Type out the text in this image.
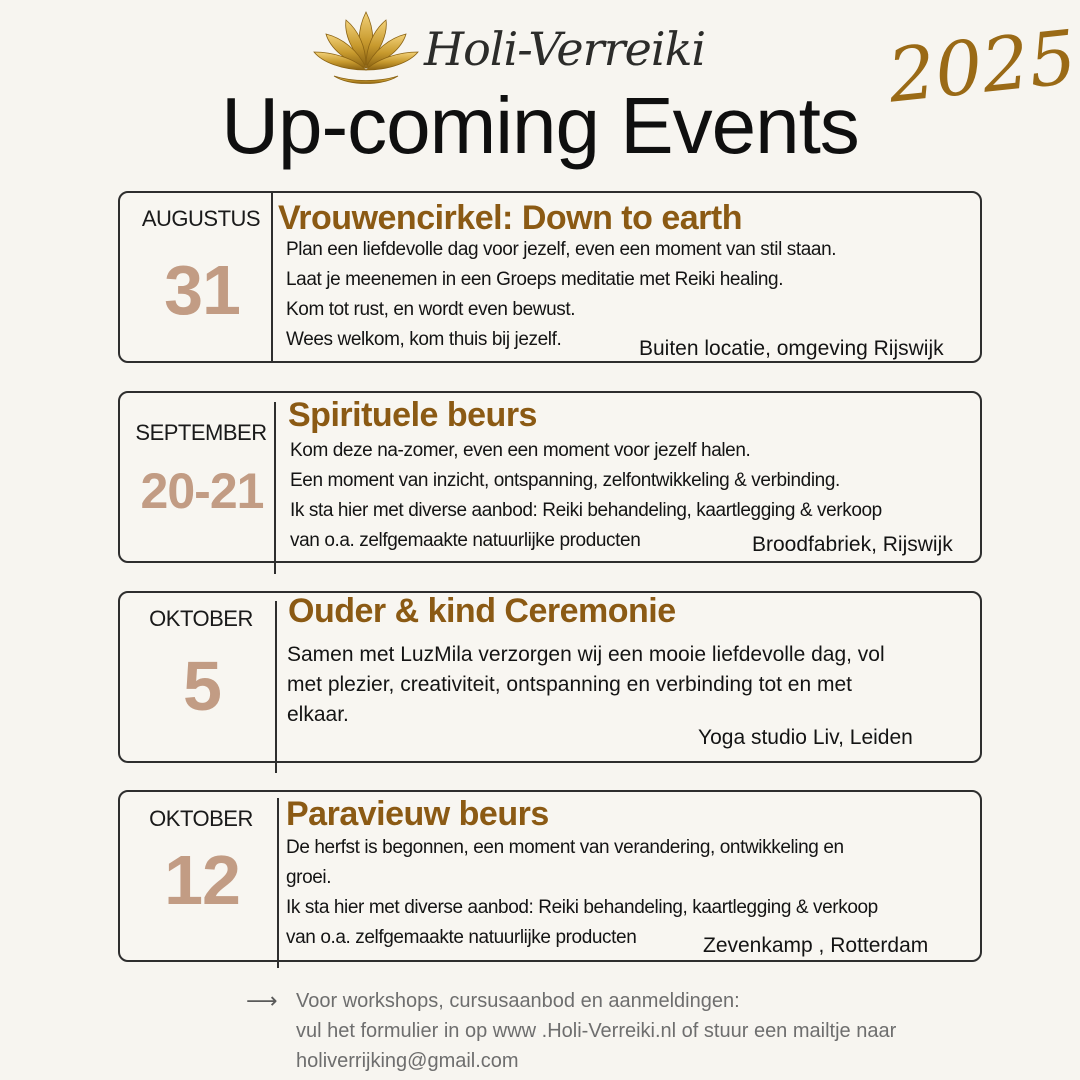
Holi-Verreiki 2025
Up-coming Events
AUGUSTUS
31
Vrouwencirkel: Down to earth
Plan een liefdevolle dag voor jezelf, even een moment van stil staan.
Laat je meenemen in een Groeps meditatie met Reiki healing.
Kom tot rust, en wordt even bewust.
Wees welkom, kom thuis bij jezelf.	Buiten locatie, omgeving Rijswijk
SEPTEMBER
20-21
Spirituele beurs
Kom deze na-zomer, even een moment voor jezelf halen.
Een moment van inzicht, ontspanning, zelfontwikkeling & verbinding.
Ik sta hier met diverse aanbod: Reiki behandeling, kaartlegging & verkoop
van o.a. zelfgemaakte natuurlijke producten	Broodfabriek, Rijswijk
OKTOBER
5
Ouder & kind Ceremonie
Samen met LuzMila verzorgen wij een mooie liefdevolle dag, vol
met plezier, creativiteit, ontspanning en verbinding tot en met
elkaar.
Yoga studio Liv, Leiden
OKTOBER
12
Paravieuw beurs
De herfst is begonnen, een moment van verandering, ontwikkeling en
groei.
Ik sta hier met diverse aanbod: Reiki behandeling, kaartlegging & verkoop
van o.a. zelfgemaakte natuurlijke producten	Zevenkamp , Rotterdam
⟶ Voor workshops, cursusaanbod en aanmeldingen:
vul het formulier in op www .Holi-Verreiki.nl of stuur een mailtje naar
holiverrijking@gmail.com
